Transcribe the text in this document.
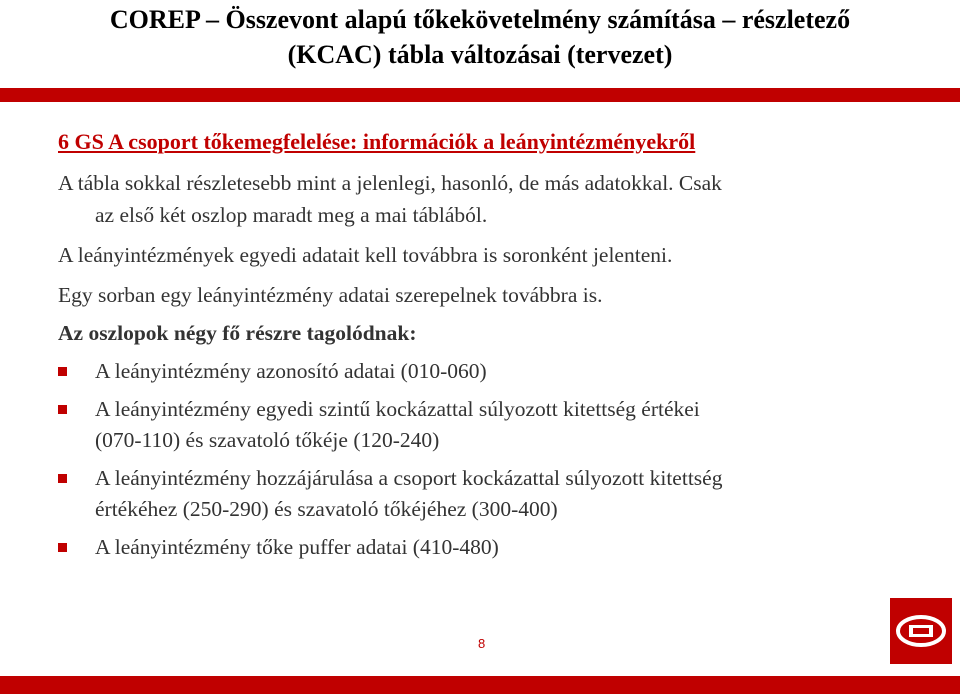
COREP – Összevont alapú tőkekövetelmény számítása – részletező
(KCAC) tábla változásai (tervezet)

6 GS A csoport tőkemegfelelése: információk a leányintézményekről

A tábla sokkal részletesebb mint a jelenlegi, hasonló, de más adatokkal. Csak

az első két oszlop maradt meg a mai táblából.

A leányintézmények egyedi adatait kell továbbra is soronként jelenteni.

Egy sorban egy leányintézmény adatai szerepelnek továbbra is.

Az oszlopok négy fő részre tagolódnak:

A leányintézmény azonosító adatai (010-060)

A leányintézmény egyedi szintű kockázattal súlyozott kitettség értékei

(070-110) és szavatoló tőkéje (120-240)

A leányintézmény hozzájárulása a csoport kockázattal súlyozott kitettség

értékéhez (250-290) és szavatoló tőkéjéhez (300-400)

A leányintézmény tőke puffer adatai (410-480)

8
